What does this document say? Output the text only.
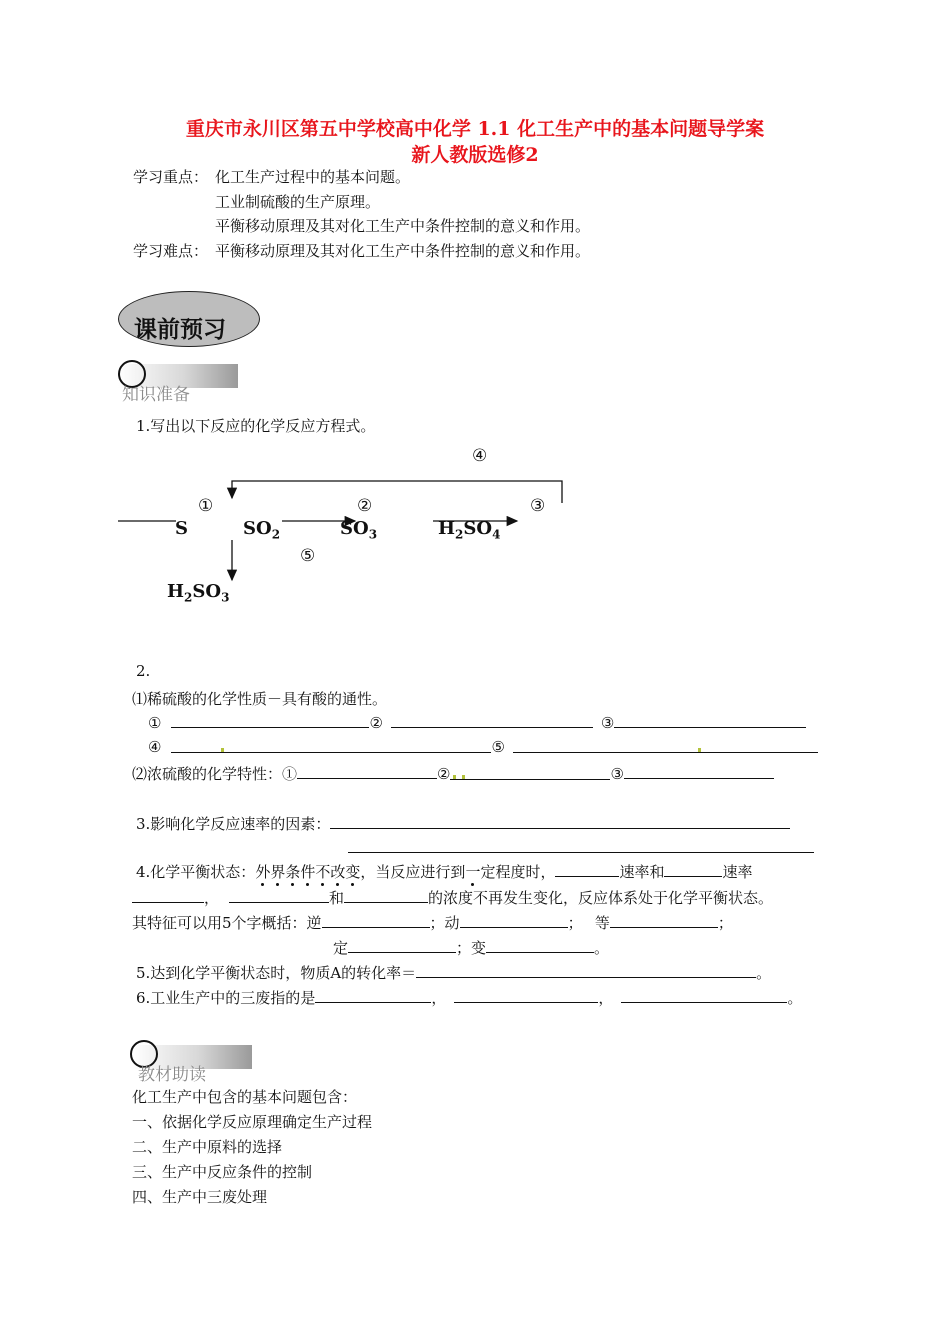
重庆市永川区第五中学校高中化学 1.1 化工生产中的基本问题导学案
新人教版选修2
学习重点： 化工生产过程中的基本问题。
工业制硫酸的生产原理。
平衡移动原理及其对化工生产中条件控制的意义和作用。
学习难点： 平衡移动原理及其对化工生产中条件控制的意义和作用。
课前预习
知识准备
1.写出以下反应的化学反应方程式。
④
①	②	③
⑤
S	$SO_2$	$SO_3$	$H_2SO_4$
$H_2SO_3$
2.
⑴稀硫酸的化学性质－具有酸的通性。
①	②	③
④	⑤
⑵浓硫酸的化学特性：①	②	③
3.影响化学反应速率的因素：
4.化学平衡状态：外界条件不改变，当反应进行到一定程度时，	速率和	速率
，	和	的浓度不再发生变化，反应体系处于化学平衡状态。
其特征可以用5个字概括：逆	；动	；　 等	；
定	；变	。
5.达到化学平衡状态时，物质A的转化率＝	。
6.工业生产中的三废指的是	，	，	。
教材助读
化工生产中包含的基本问题包含：
一、依据化学反应原理确定生产过程
二、生产中原料的选择
三、生产中反应条件的控制
四、生产中三废处理
